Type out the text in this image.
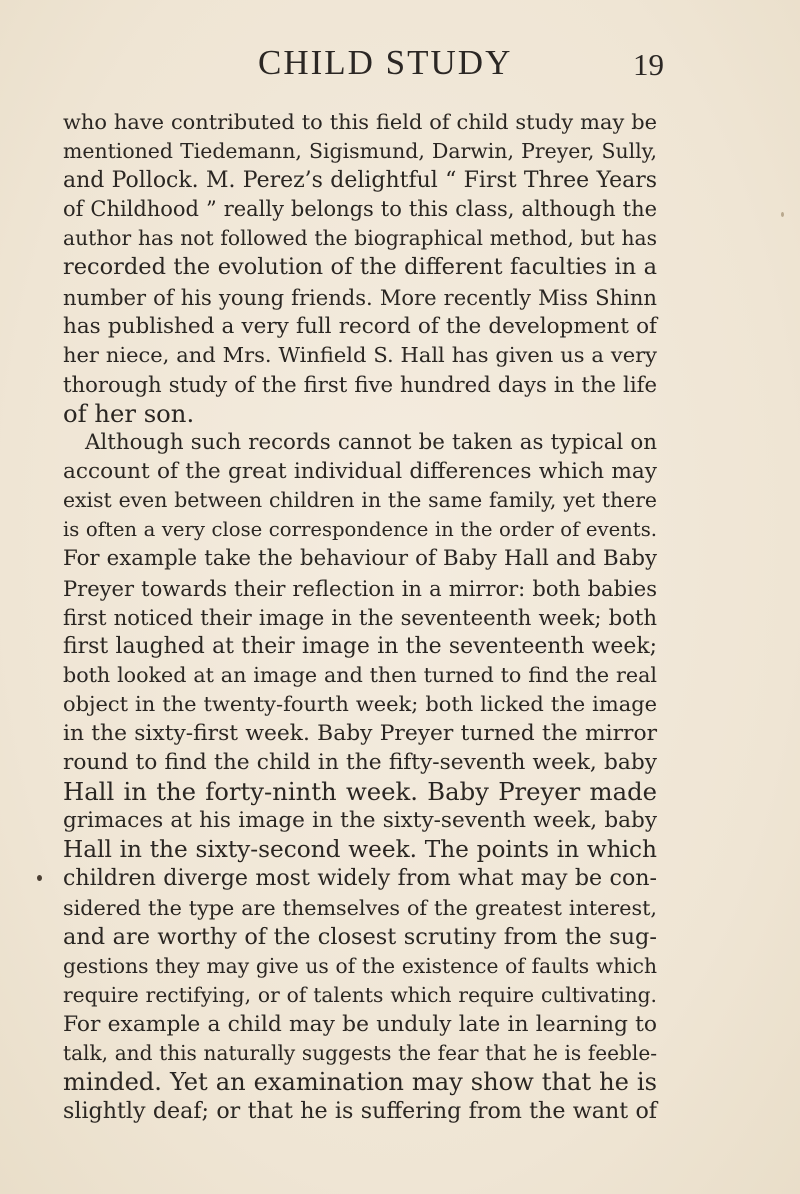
CHILD STUDY	19
who have contributed to this field of child study may be
mentioned Tiedemann, Sigismund, Darwin, Preyer, Sully,
and Pollock. M. Perez’s delightful “ First Three Years
of Childhood ” really belongs to this class, although the
author has not followed the biographical method, but has
recorded the evolution of the different faculties in a
number of his young friends. More recently Miss Shinn
has published a very full record of the development of
her niece, and Mrs. Winfield S. Hall has given us a very
thorough study of the first five hundred days in the life
of her son.
Although such records cannot be taken as typical on
account of the great individual differences which may
exist even between children in the same family, yet there
is often a very close correspondence in the order of events.
For example take the behaviour of Baby Hall and Baby
Preyer towards their reflection in a mirror: both babies
first noticed their image in the seventeenth week; both
first laughed at their image in the seventeenth week;
both looked at an image and then turned to find the real
object in the twenty-fourth week; both licked the image
in the sixty-first week. Baby Preyer turned the mirror
round to find the child in the fifty-seventh week, baby
Hall in the forty-ninth week. Baby Preyer made
grimaces at his image in the sixty-seventh week, baby
Hall in the sixty-second week. The points in which
children diverge most widely from what may be con-
sidered the type are themselves of the greatest interest,
and are worthy of the closest scrutiny from the sug-
gestions they may give us of the existence of faults which
require rectifying, or of talents which require cultivating.
For example a child may be unduly late in learning to
talk, and this naturally suggests the fear that he is feeble-
minded. Yet an examination may show that he is
slightly deaf; or that he is suffering from the want of
